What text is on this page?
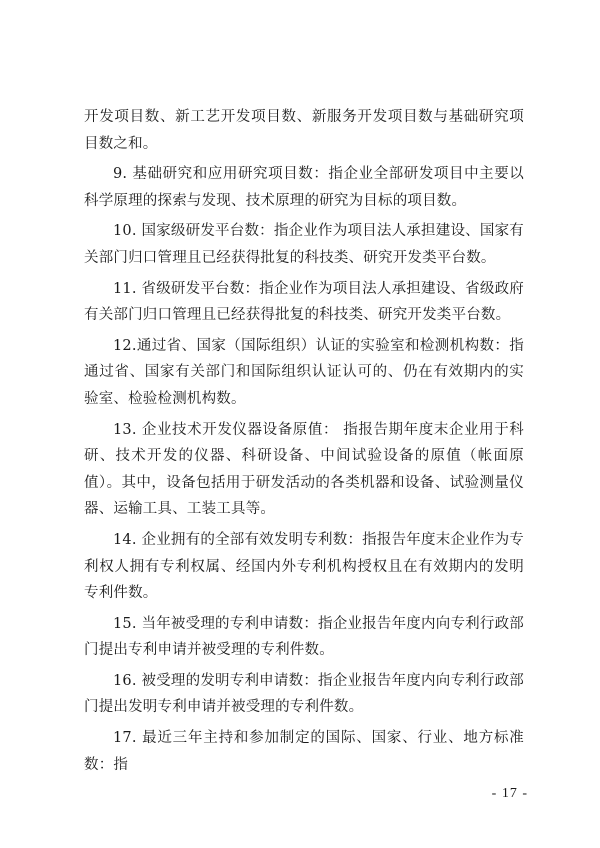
开发项目数、新工艺开发项目数、新服务开发项目数与基础研究项目数之和。

9. 基础研究和应用研究项目数：指企业全部研发项目中主要以科学原理的探索与发现、技术原理的研究为目标的项目数。

10. 国家级研发平台数：指企业作为项目法人承担建设、国家有关部门归口管理且已经获得批复的科技类、研究开发类平台数。

11. 省级研发平台数：指企业作为项目法人承担建设、省级政府有关部门归口管理且已经获得批复的科技类、研究开发类平台数。

12.通过省、国家（国际组织）认证的实验室和检测机构数：指通过省、国家有关部门和国际组织认证认可的、仍在有效期内的实验室、检验检测机构数。

13. 企业技术开发仪器设备原值： 指报告期年度末企业用于科研、技术开发的仪器、科研设备、中间试验设备的原值（帐面原值）。其中，设备包括用于研发活动的各类机器和设备、试验测量仪器、运输工具、工装工具等。

14. 企业拥有的全部有效发明专利数：指报告年度末企业作为专利权人拥有专利权属、经国内外专利机构授权且在有效期内的发明专利件数。

15. 当年被受理的专利申请数：指企业报告年度内向专利行政部门提出专利申请并被受理的专利件数。

16. 被受理的发明专利申请数：指企业报告年度内向专利行政部门提出发明专利申请并被受理的专利件数。

17. 最近三年主持和参加制定的国际、国家、行业、地方标准数：指

- 17 -
